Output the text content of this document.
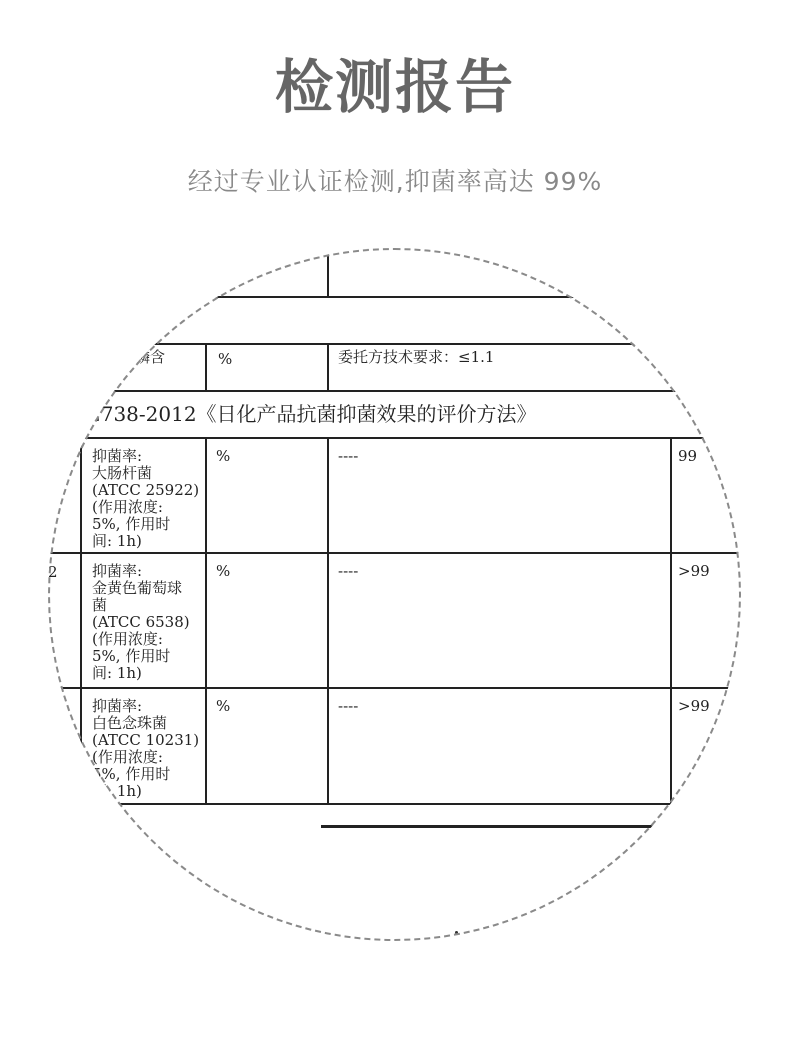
检测报告
经过专业认证检测,抑菌率高达 99%
求
二磷含	%	委托方技术要求：≤1.1
2738-2012《日化产品抗菌抑菌效果的评价方法》
2
抑菌率:
大肠杆菌
(ATCC 25922)
(作用浓度:
5%, 作用时
间: 1h)
%	----	99
抑菌率:
金黄色葡萄球
菌
(ATCC 6538)
(作用浓度:
5%, 作用时
间: 1h)
%	----	>99
抑菌率:
白色念珠菌
(ATCC 10231)
(作用浓度:
5%, 作用时
间: 1h)
%	----	>99
